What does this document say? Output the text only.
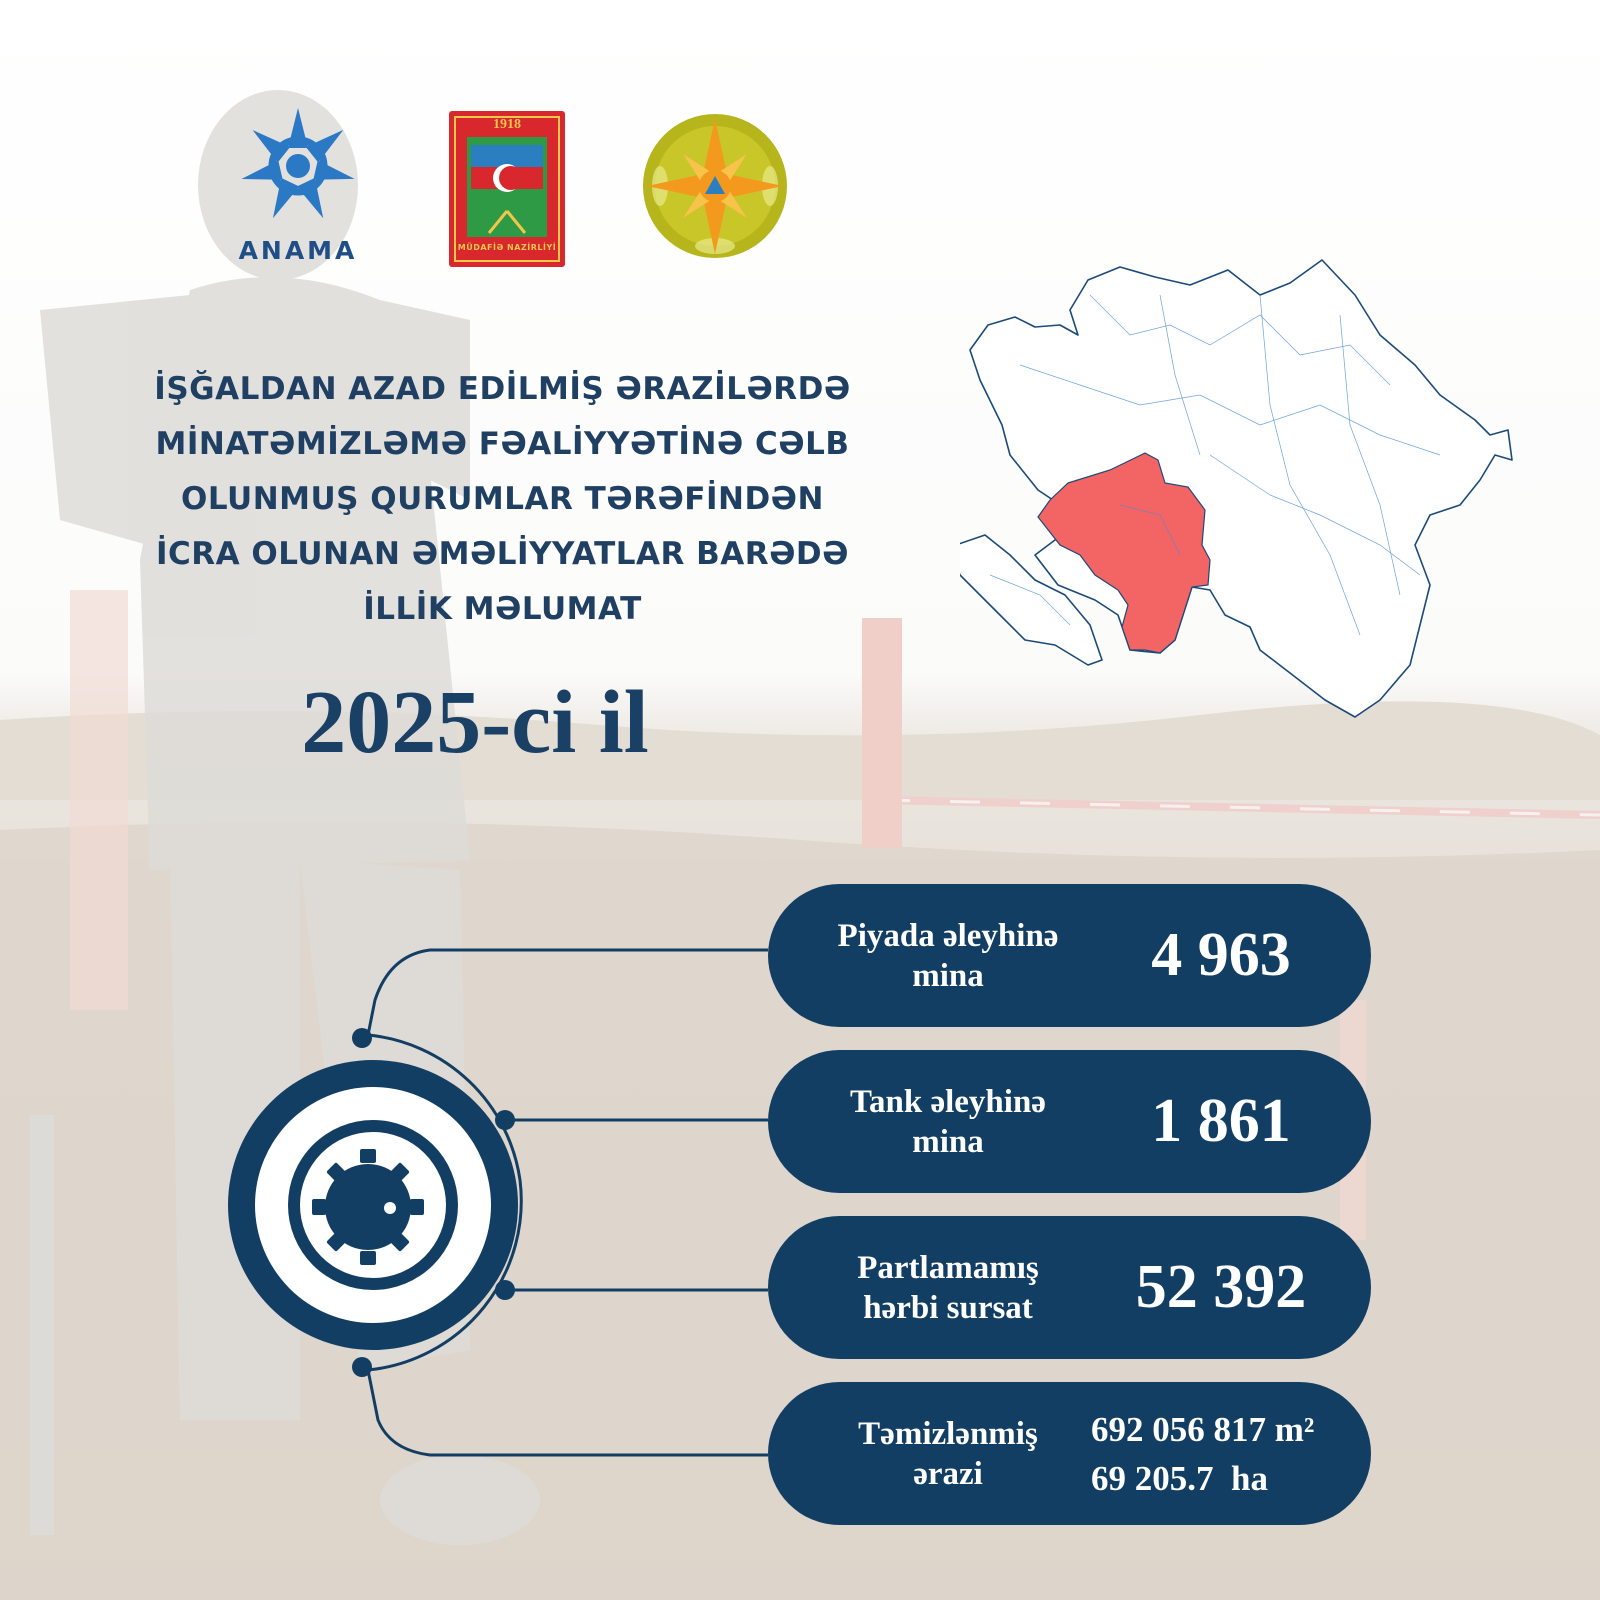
ANAMA
1918
MÜDAFİƏ NAZİRLİYİ
İŞĞALDAN AZAD EDİLMİŞ ƏRAZİLƏRDƏ
MİNATƏMİZLƏMƏ FƏALİYYƏTİNƏ CƏLB
OLUNMUŞ QURUMLAR TƏRƏFİNDƏN
İCRA OLUNAN ƏMƏLİYYATLAR BARƏDƏ
İLLİK MƏLUMAT
2025-ci il
Piyada əleyhinə
mina	4 963
Tank əleyhinə
mina	1 861
Partlamamış
hərbi sursat	52 392
Təmizlənmiş
ərazi
692 056 817 m²
69 205.7  ha
